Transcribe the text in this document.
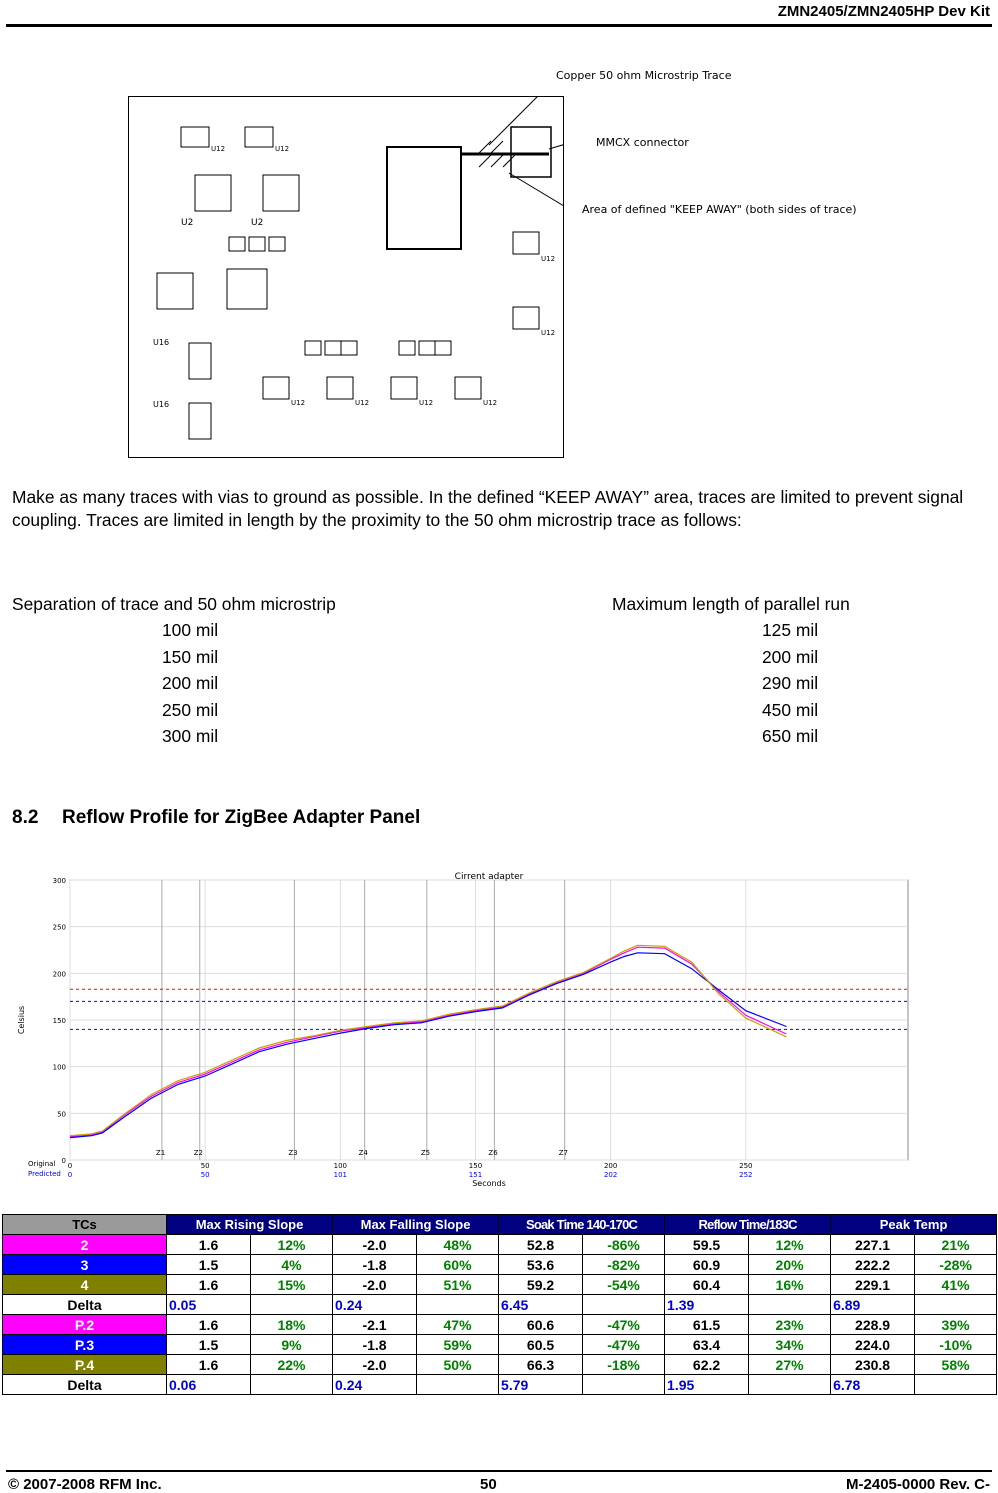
ZMN2405/ZMN2405HP Dev Kit
U2	U2
U16
U16
U12	U12
U12
U12
U12	U12	U12	U12
Copper 50 ohm Microstrip Trace
MMCX connector
Area of defined "KEEP AWAY" (both sides of trace)
Make as many traces with vias to ground as possible. In the defined “KEEP AWAY” area, traces are limited to prevent signal coupling. Traces are limited in length by the proximity to the 50 ohm microstrip trace as follows:
Separation of trace and 50 ohm microstrip	Maximum length of parallel run
100 mil	125 mil
150 mil	200 mil
200 mil	290 mil
250 mil	450 mil
300 mil	650 mil
8.2 Reflow Profile for ZigBee Adapter Panel
Z1	Z2	Z3	Z4	Z5	Z6	Z7
0
50
100
150
200
250
300
0
0
50
50
100
101
150
151
200
202
250
252
Cirrent adapter
Seconds
Celsius
Original
Predicted
TCs	Max Rising Slope		Max Falling Slope		Soak Time 140-170C		Reflow Time/183C		Peak Temp	
2	1.6	12%	-2.0	48%	52.8	-86%	59.5	12%	227.1	21%
3	1.5	4%	-1.8	60%	53.6	-82%	60.9	20%	222.2	-28%
4	1.6	15%	-2.0	51%	59.2	-54%	60.4	16%	229.1	41%
Delta	0.05		0.24		6.45		1.39		6.89	
P.2	1.6	18%	-2.1	47%	60.6	-47%	61.5	23%	228.9	39%
P.3	1.5	9%	-1.8	59%	60.5	-47%	63.4	34%	224.0	-10%
P.4	1.6	22%	-2.0	50%	66.3	-18%	62.2	27%	230.8	58%
Delta	0.06		0.24		5.79		1.95		6.78	
© 2007-2008 RFM Inc.	50	M-2405-0000 Rev. C-
